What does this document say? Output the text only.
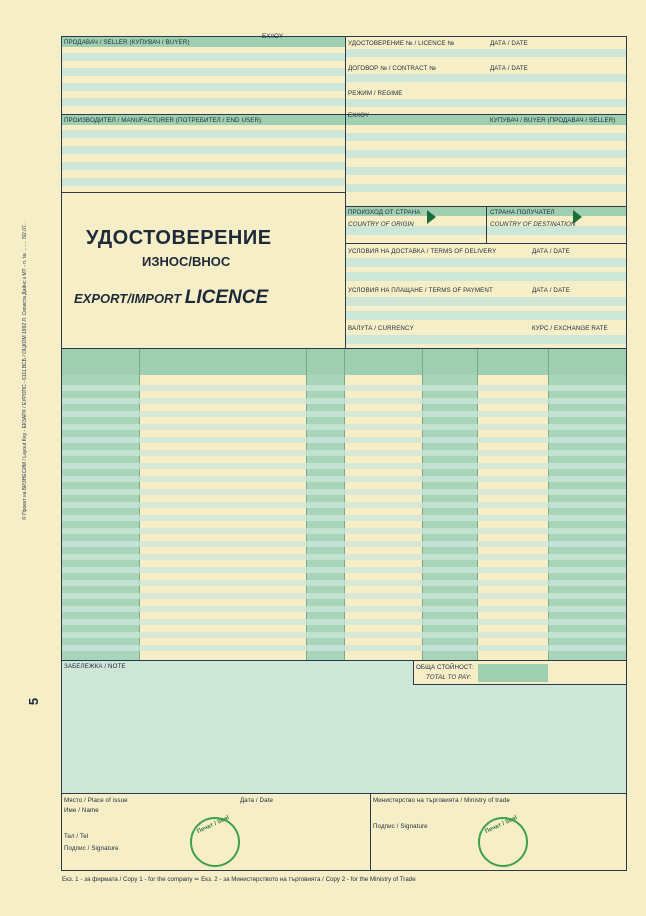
© Проект на БИЗНЕСИМ / Layout Key - ЕКЗАРХ / ЕУРОПС - 6111 ВСБ / ОЦКОМ 1992 Л. Своиста Дайнс к МТ - п. № ........ /92.07...
5
ПРОДАВАЧ / SELLER (КУПУВАЧ / BUYER)
EX/IOY
УДОСТОВЕРЕНИЕ № / LICENCE №	ДАТА / DATE
ДОГОВОР № / CONTRACT №	ДАТА / DATE
РЕЖИМ / REGIME
ПРОИЗВОДИТЕЛ / MANUFACTURER (ПОТРЕБИТЕЛ / END USER)
EX/IOY
КУПУВАЧ / BUYER (ПРОДАВАЧ / SELLER)
УДОСТОВЕРЕНИЕ
ИЗНОС/ВНОС
EXPORT/IMPORT LICENCE
ПРОИЗХОД ОТ СТРАНА
COUNTRY OF ORIGIN
СТРАНА ПОЛУЧАТЕЛ
COUNTRY OF DESTINATION
УСЛОВИЯ НА ДОСТАВКА / TERMS OF DELIVERY	ДАТА / DATE
УСЛОВИЯ НА ПЛАЩАНЕ / TERMS OF PAYMENT	ДАТА / DATE
ВАЛУТА / CURRENCY	КУРС / EXCHANGE RATE
ЗАБЕЛЕЖКА / NOTE	ОБЩА СТОЙНОСТ:
TOTAL TO PAY:
Място / Place of issue	Дата / Date
Име / Name
Тел / Tel
Подпис / Signature
Печат / Seal
Министерство на търговията / Ministry of trade
Подпис / Signature	Печат / Seal
Екз. 1 - за фирмата / Copy 1 - for the company ✏ Екз. 2 - за Министерството на търговията / Copy 2 - for the Ministry of Trade
